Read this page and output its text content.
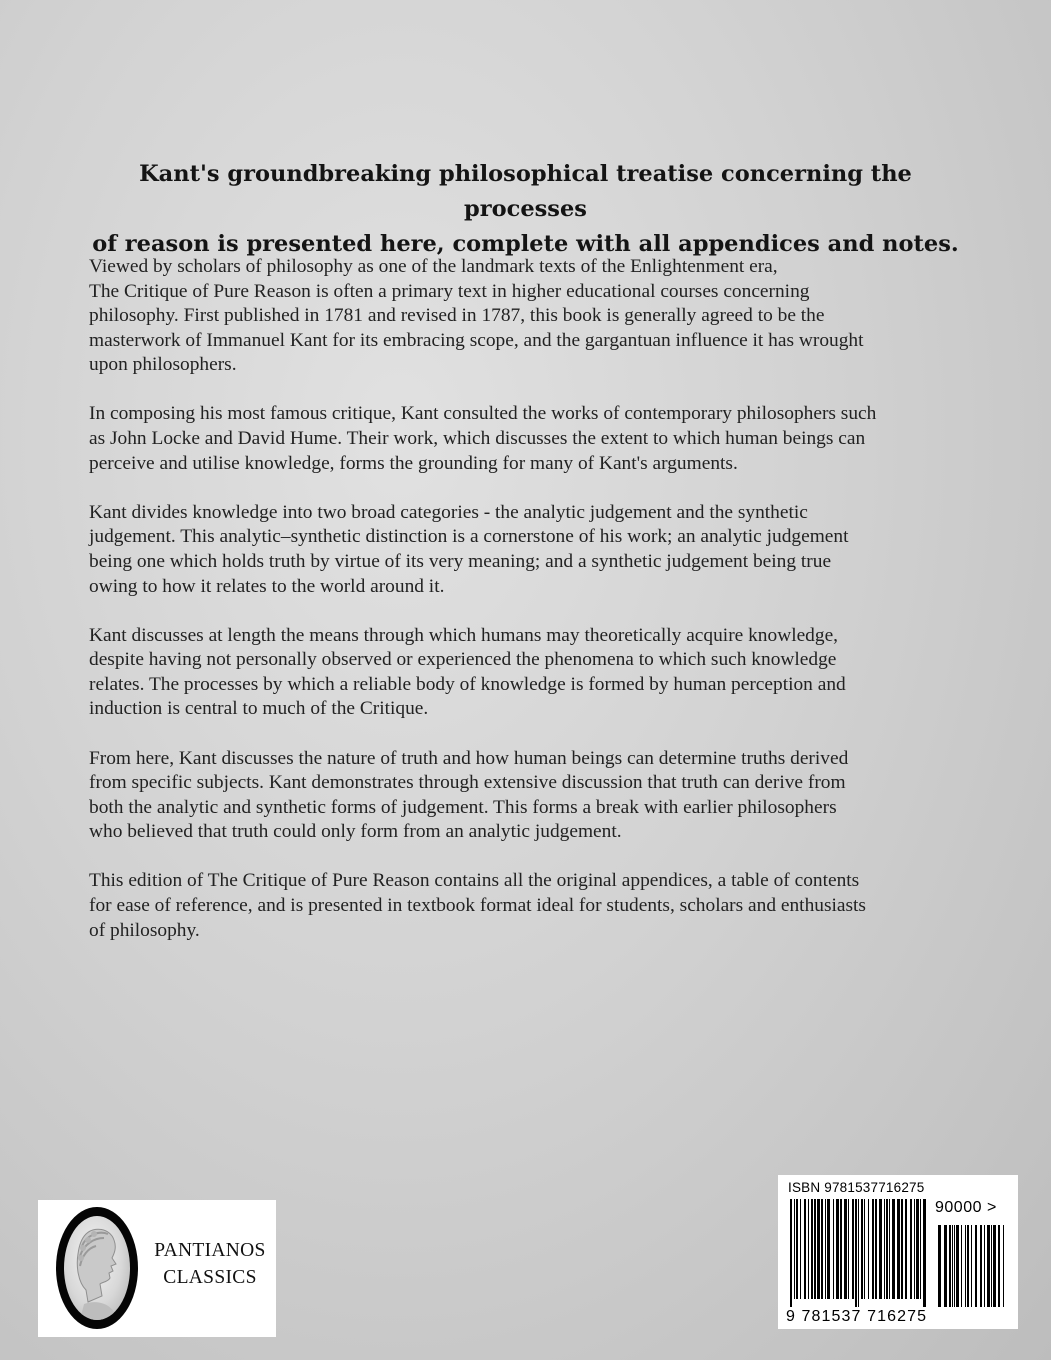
Kant's groundbreaking philosophical treatise concerning the processes
of reason is presented here, complete with all appendices and notes.

Viewed by scholars of philosophy as one of the landmark texts of the Enlightenment era,
The Critique of Pure Reason is often a primary text in higher educational courses concerning
philosophy. First published in 1781 and revised in 1787, this book is generally agreed to be the
masterwork of Immanuel Kant for its embracing scope, and the gargantuan influence it has wrought
upon philosophers.

In composing his most famous critique, Kant consulted the works of contemporary philosophers such
as John Locke and David Hume. Their work, which discusses the extent to which human beings can
perceive and utilise knowledge, forms the grounding for many of Kant's arguments.

Kant divides knowledge into two broad categories - the analytic judgement and the synthetic
judgement. This analytic–synthetic distinction is a cornerstone of his work; an analytic judgement
being one which holds truth by virtue of its very meaning; and a synthetic judgement being true
owing to how it relates to the world around it.

Kant discusses at length the means through which humans may theoretically acquire knowledge,
despite having not personally observed or experienced the phenomena to which such knowledge
relates. The processes by which a reliable body of knowledge is formed by human perception and
induction is central to much of the Critique.

From here, Kant discusses the nature of truth and how human beings can determine truths derived
from specific subjects. Kant demonstrates through extensive discussion that truth can derive from
both the analytic and synthetic forms of judgement. This forms a break with earlier philosophers
who believed that truth could only form from an analytic judgement.

This edition of The Critique of Pure Reason contains all the original appendices, a table of contents
for ease of reference, and is presented in textbook format ideal for students, scholars and enthusiasts
of philosophy.

PANTIANOS
CLASSICS
ISBN 9781537716275
90000 >
9 781537 716275
